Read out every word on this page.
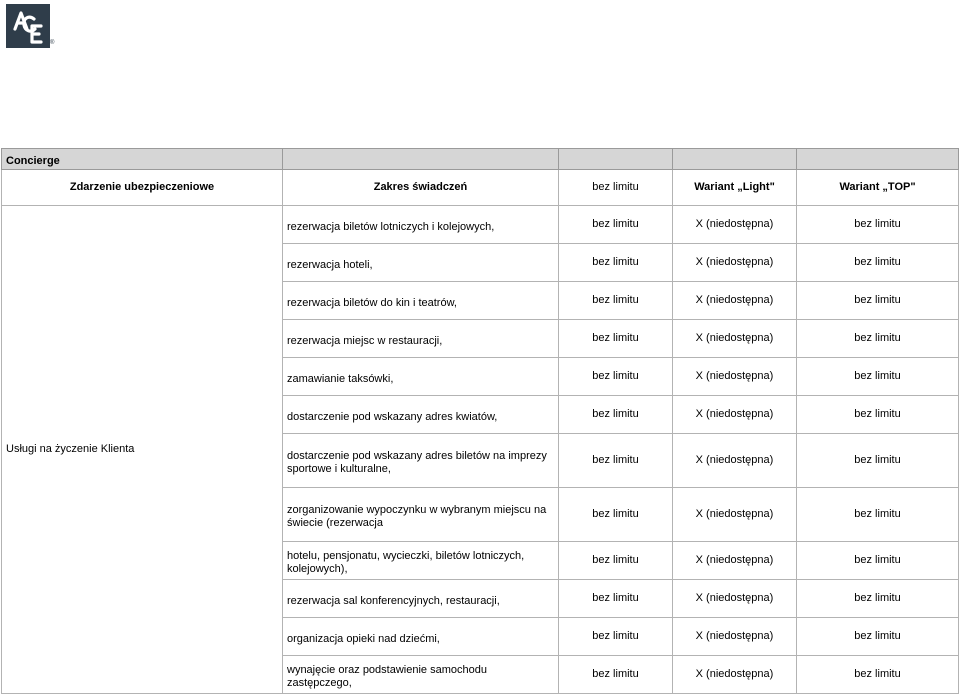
®
Concierge				
Zdarzenie ubezpieczeniowe	Zakres świadczeń	bez limitu	Wariant „Light"	Wariant „TOP"
Usługi na życzenie Klienta	rezerwacja biletów lotniczych i kolejowych,	bez limitu	X (niedostępna)	bez limitu
	rezerwacja hoteli,	bez limitu	X (niedostępna)	bez limitu
	rezerwacja biletów do kin i teatrów,	bez limitu	X (niedostępna)	bez limitu
	rezerwacja miejsc w restauracji,	bez limitu	X (niedostępna)	bez limitu
	zamawianie taksówki,	bez limitu	X (niedostępna)	bez limitu
	dostarczenie pod wskazany adres kwiatów,	bez limitu	X (niedostępna)	bez limitu
	dostarczenie pod wskazany adres biletów na imprezy sportowe i kulturalne,	bez limitu	X (niedostępna)	bez limitu
	zorganizowanie wypoczynku w wybranym miejscu na świecie (rezerwacja	bez limitu	X (niedostępna)	bez limitu
	hotelu, pensjonatu, wycieczki, biletów lotniczych, kolejowych),	bez limitu	X (niedostępna)	bez limitu
	rezerwacja sal konferencyjnych, restauracji,	bez limitu	X (niedostępna)	bez limitu
	organizacja opieki nad dziećmi,	bez limitu	X (niedostępna)	bez limitu
	wynajęcie oraz podstawienie samochodu zastępczego,	bez limitu	X (niedostępna)	bez limitu
